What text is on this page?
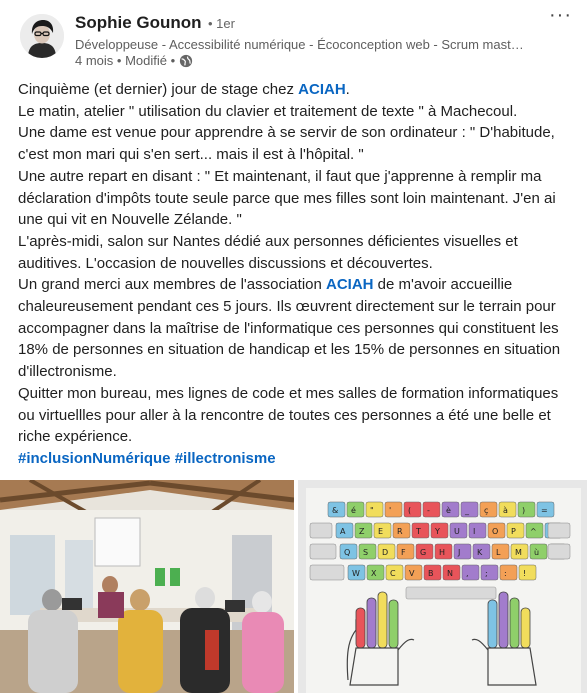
Sophie Gounon • 1er
Développeuse - Accessibilité numérique - Écoconception web - Scrum mast…
4 mois • Modifié •
···

Cinquième (et dernier) jour de stage chez ACIAH.

Le matin, atelier " utilisation du clavier et traitement de texte " à Machecoul.

Une dame est venue pour apprendre à se servir de son ordinateur : " D'habitude, c'est mon mari qui s'en sert... mais il est à l'hôpital. "

Une autre repart en disant : " Et maintenant, il faut que j'apprenne à remplir ma déclaration d'impôts toute seule parce que mes filles sont loin maintenant. J'en ai une qui vit en Nouvelle Zélande. "

L'après-midi, salon sur Nantes dédié aux personnes déficientes visuelles et auditives. L'occasion de nouvelles discussions et découvertes.

Un grand merci aux membres de l'association ACIAH de m'avoir accueillie chaleureusement pendant ces 5 jours. Ils œuvrent directement sur le terrain pour accompagner dans la maîtrise de l'informatique ces personnes qui constituent les 18% de personnes en situation de handicap et les 15% de personnes en situation d'illectronisme.

Quitter mon bureau, mes lignes de code et mes salles de formation informatiques ou virtuellles pour aller à la rencontre de toutes ces personnes a été une belle et riche expérience.

#inclusionNumérique #illectronisme

& é " ' ( - è _ ç à ) =
A Z E R T Y U I O P ^
Q S D F G H J K L M ù
W X C V B N , ; : !
